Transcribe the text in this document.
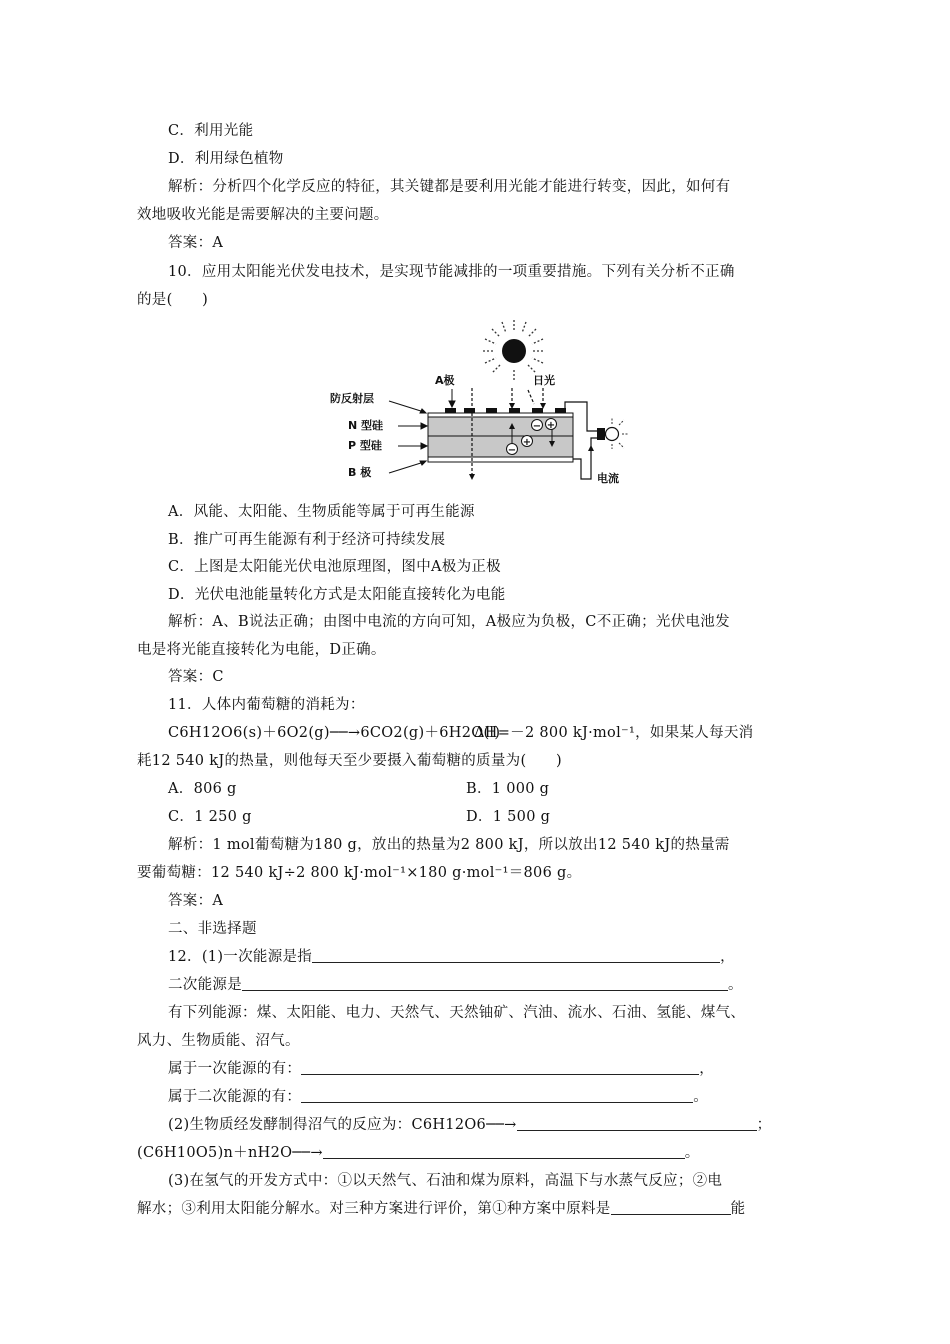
C．利用光能
D．利用绿色植物
解析：分析四个化学反应的特征，其关键都是要利用光能才能进行转变，因此，如何有
效地吸收光能是需要解决的主要问题。
答案：A
10．应用太阳能光伏发电技术，是实现节能减排的一项重要措施。下列有关分析不正确
的是(　　)
A极	日光
防反射层
N 型硅
P 型硅
B 极	电流
− +
+
−
A．风能、太阳能、生物质能等属于可再生能源
B．推广可再生能源有利于经济可持续发展
C．上图是太阳能光伏电池原理图，图中A极为正极
D．光伏电池能量转化方式是太阳能直接转化为电能
解析：A、B说法正确；由图中电流的方向可知，A极应为负极，C不正确；光伏电池发
电是将光能直接转化为电能，D正确。
答案：C
11．人体内葡萄糖的消耗为：
C6H12O6(s)＋6O2(g)──→6CO2(g)＋6H2O(l)
ΔH=－2 800 kJ·mol⁻¹，如果某人每天消
耗12 540 kJ的热量，则他每天至少要摄入葡萄糖的质量为(　　)
A．806 g	B．1 000 g
C．1 250 g	D．1 500 g
解析：1 mol葡萄糖为180 g，放出的热量为2 800 kJ，所以放出12 540 kJ的热量需
要葡萄糖：12 540 kJ÷2 800 kJ·mol⁻¹×180 g·mol⁻¹＝806 g。
答案：A
二、非选择题
12．(1)一次能源是指	，
二次能源是	。
有下列能源：煤、太阳能、电力、天然气、天然铀矿、汽油、流水、石油、氢能、煤气、
风力、生物质能、沼气。
属于一次能源的有：	，
属于二次能源的有：	。
(2)生物质经发酵制得沼气的反应为：C6H12O6──→	；
(C6H10O5)n＋nH2O──→	。
(3)在氢气的开发方式中：①以天然气、石油和煤为原料，高温下与水蒸气反应；②电
解水；③利用太阳能分解水。对三种方案进行评价，第①种方案中原料是	能
